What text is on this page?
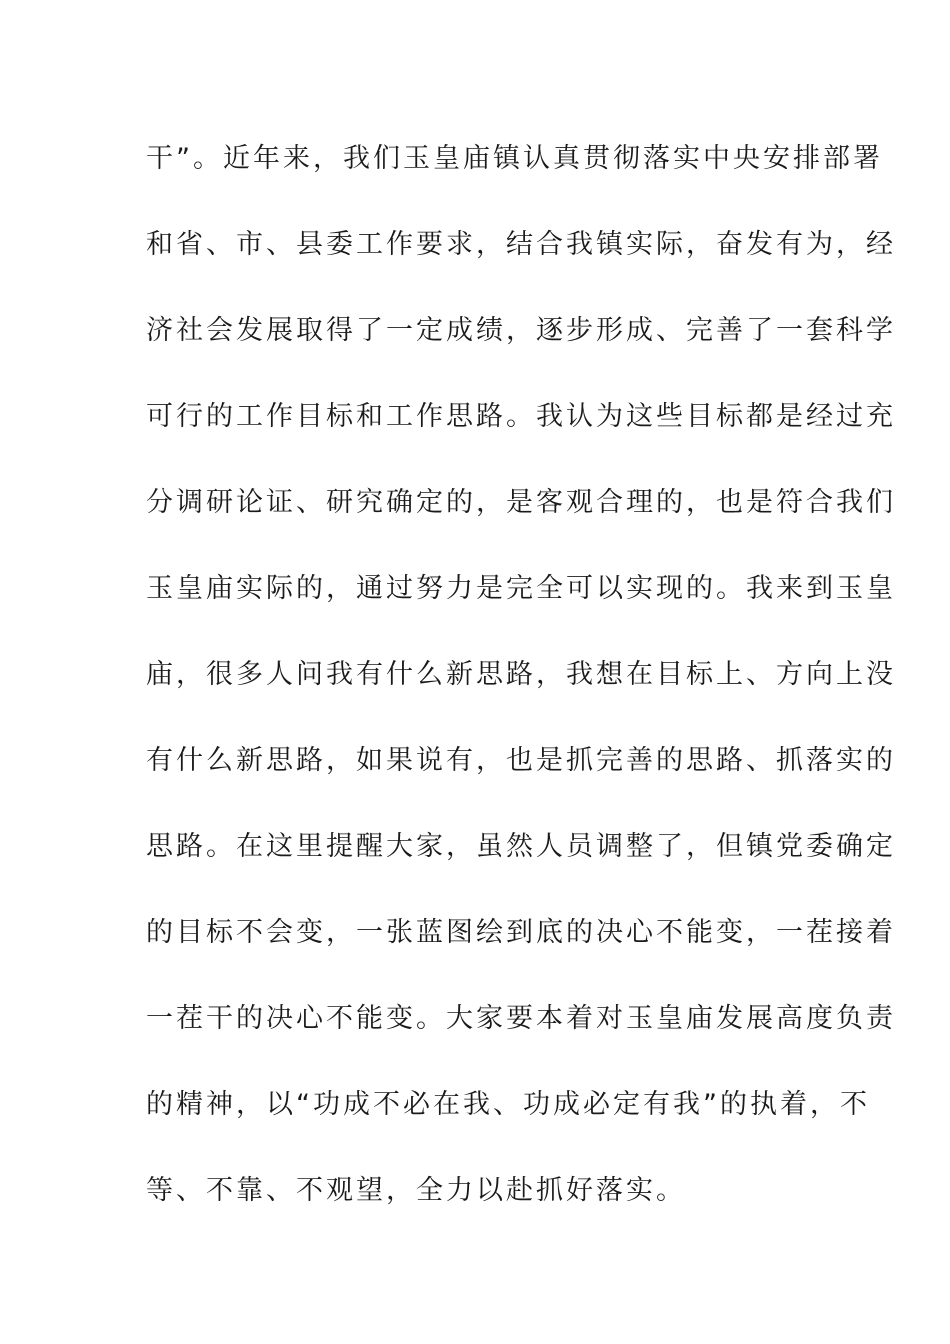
干”。近年来，我们玉皇庙镇认真贯彻落实中央安排部署
和省、市、县委工作要求，结合我镇实际，奋发有为，经
济社会发展取得了一定成绩，逐步形成、完善了一套科学
可行的工作目标和工作思路。我认为这些目标都是经过充
分调研论证、研究确定的，是客观合理的，也是符合我们
玉皇庙实际的，通过努力是完全可以实现的。我来到玉皇
庙，很多人问我有什么新思路，我想在目标上、方向上没
有什么新思路，如果说有，也是抓完善的思路、抓落实的
思路。在这里提醒大家，虽然人员调整了，但镇党委确定
的目标不会变，一张蓝图绘到底的决心不能变，一茬接着
一茬干的决心不能变。大家要本着对玉皇庙发展高度负责
的精神，以“功成不必在我、功成必定有我”的执着，不
等、不靠、不观望，全力以赴抓好落实。
